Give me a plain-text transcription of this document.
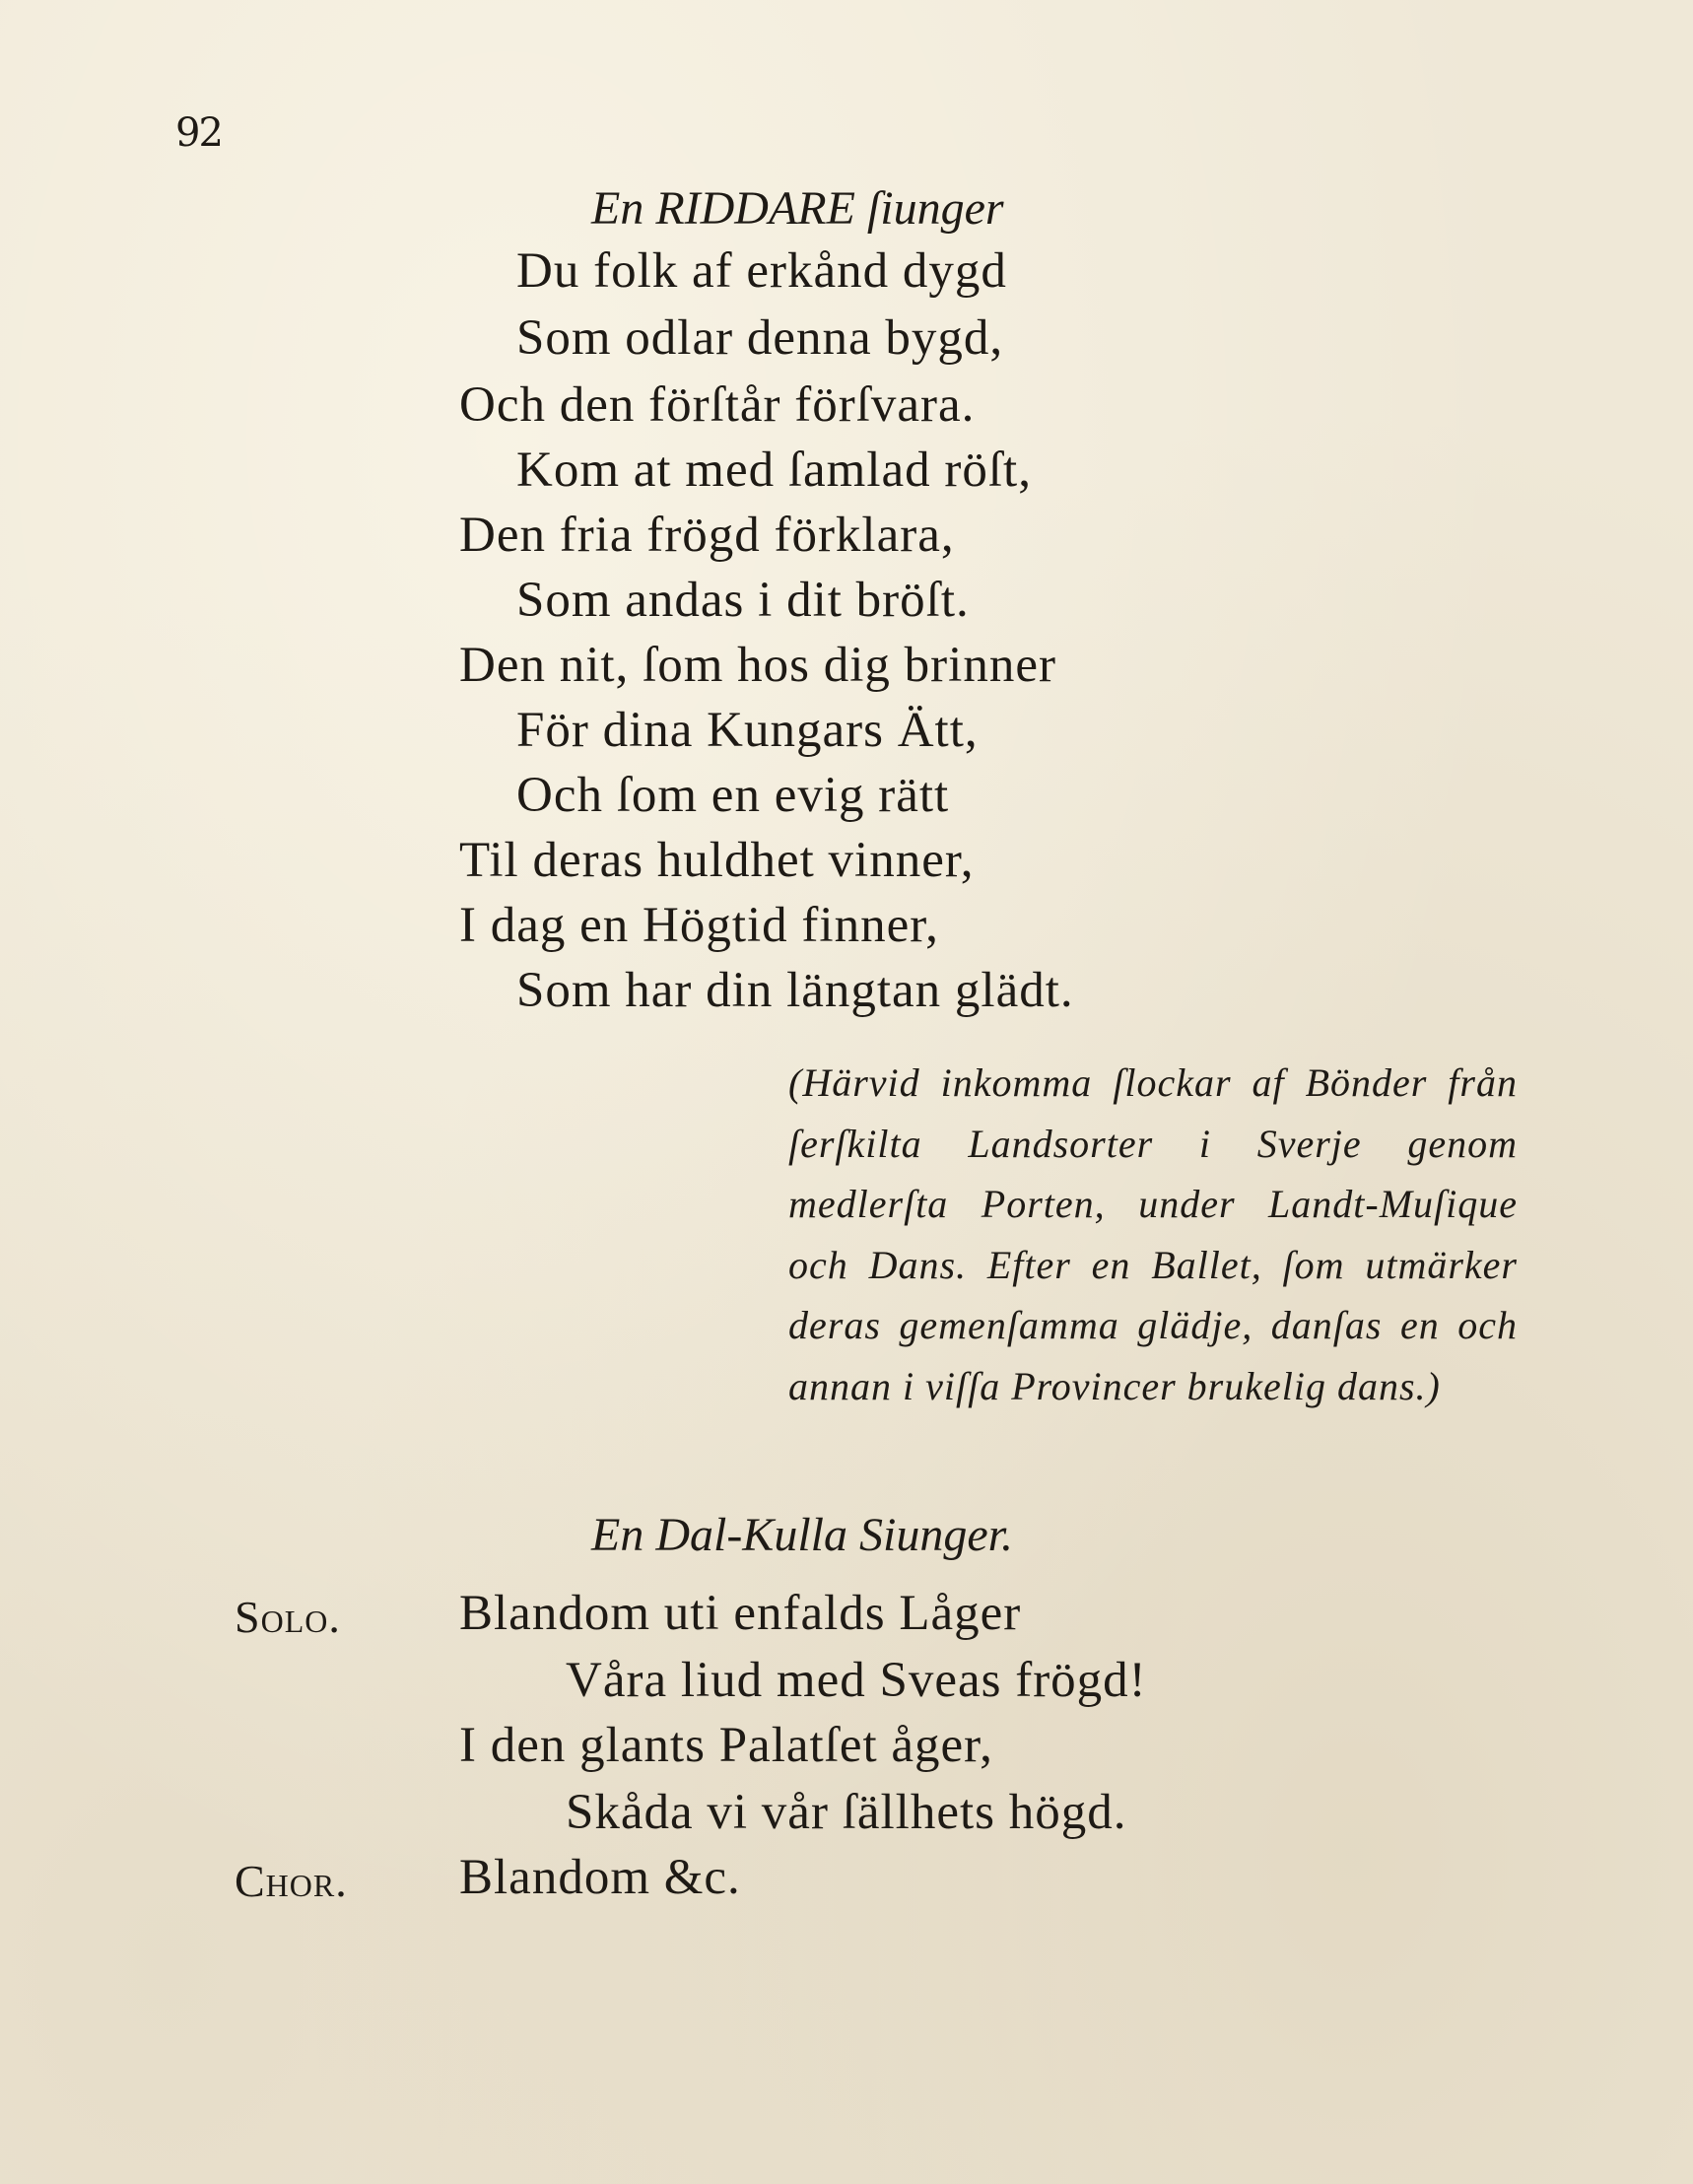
92
En RIDDARE ſiunger
Du folk af erkånd dygd
Som odlar denna bygd,
Och den förſtår förſvara.
Kom at med ſamlad röſt,
Den fria frögd förklara,
Som andas i dit bröſt.
Den nit, ſom hos dig brinner
För dina Kungars Ätt,
Och ſom en evig rätt
Til deras huldhet vinner,
I dag en Högtid finner,
Som har din längtan glädt.
(Härvid inkomma ſlockar af Bönder från ſerſkilta Landsorter i Sverje genom medlerſta Porten, under Landt-Muſique och Dans. Efter en Ballet, ſom utmärker deras gemenſamma glädje, danſas en och annan i viſſa Provincer brukelig dans.)
En Dal-Kulla Siunger.
Solo. Blandom uti enfalds Låger
Våra liud med Sveas frögd!
I den glants Palatſet åger,
Skåda vi vår ſällhets högd.
Chor. Blandom &c.
